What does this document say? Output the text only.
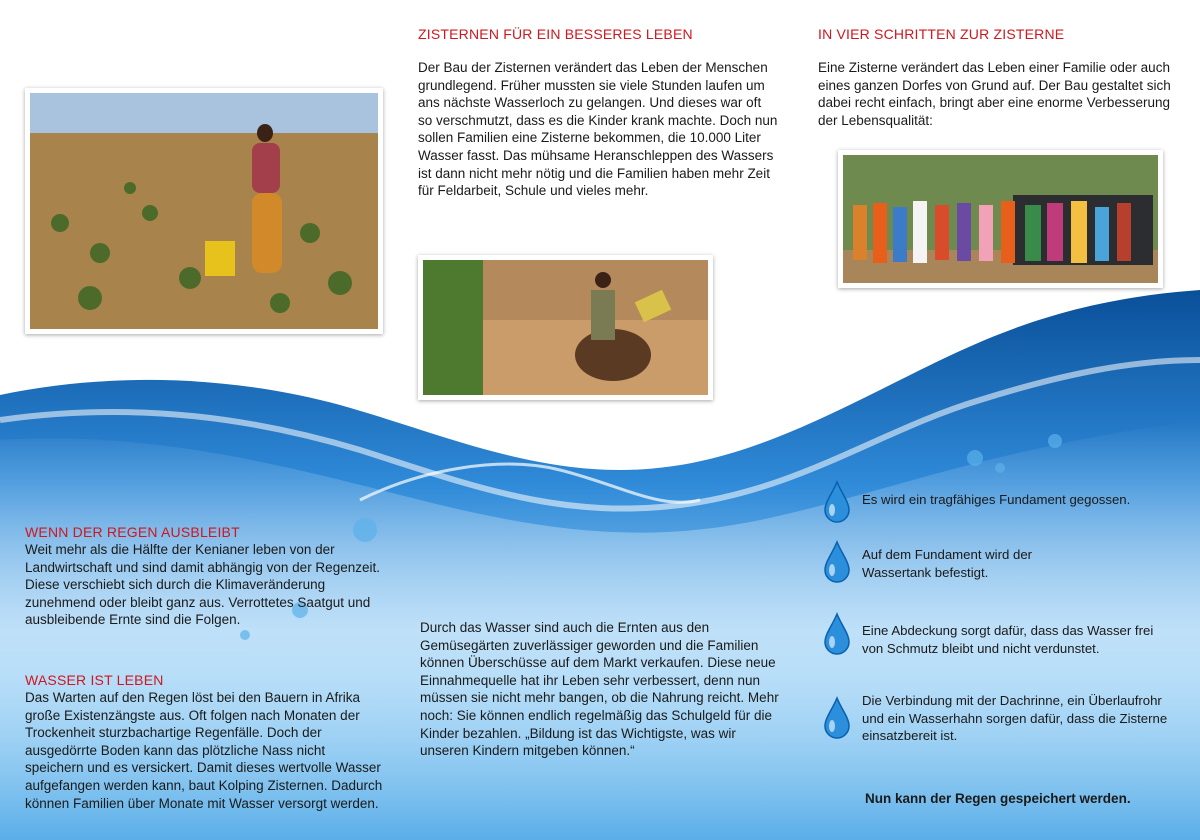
ZISTERNEN FÜR EIN BESSERES LEBEN

Der Bau der Zisternen verändert das Leben der Menschen grundlegend. Früher mussten sie viele Stunden laufen um ans nächste Wasserloch zu gelangen. Und dieses war oft so verschmutzt, dass es die Kinder krank machte. Doch nun sollen Familien eine Zisterne bekommen, die 10.000 Liter Wasser fasst. Das mühsame Heranschleppen des Wassers ist dann nicht mehr nötig und die Familien haben mehr Zeit für Feldarbeit, Schule und vieles mehr.

IN VIER SCHRITTEN ZUR ZISTERNE

Eine Zisterne verändert das Leben einer Familie oder auch eines ganzen Dorfes von Grund auf. Der Bau gestaltet sich dabei recht einfach, bringt aber eine enorme Verbesserung der Lebensqualität:

WENN DER REGEN AUSBLEIBT

Weit mehr als die Hälfte der Kenianer leben von der Landwirtschaft und sind damit abhängig von der Regenzeit. Diese verschiebt sich durch die Klimaveränderung zunehmend oder bleibt ganz aus. Verrottetes Saatgut und ausbleibende Ernte sind die Folgen.

WASSER IST LEBEN

Das Warten auf den Regen löst bei den Bauern in Afrika große Existenzängste aus. Oft folgen nach Monaten der Trockenheit sturzbachartige Regenfälle. Doch der ausgedörrte Boden kann das plötzliche Nass nicht speichern und es versickert. Damit dieses wertvolle Wasser aufgefangen werden kann, baut Kolping Zisternen. Dadurch können Familien über Monate mit Wasser versorgt werden.

Durch das Wasser sind auch die Ernten aus den Gemüsegärten zuverlässiger geworden und die Familien können Überschüsse auf dem Markt verkaufen. Diese neue Einnahmequelle hat ihr Leben sehr verbessert, denn nun müssen sie nicht mehr bangen, ob die Nahrung reicht. Mehr noch: Sie können endlich regelmäßig das Schulgeld für die Kinder bezahlen. „Bildung ist das Wichtigste, was wir unseren Kindern mitgeben können.“

Es wird ein tragfähiges Fundament gegossen.

Auf dem Fundament wird der Wassertank befestigt.

Eine Abdeckung sorgt dafür, dass das Wasser frei von Schmutz bleibt und nicht verdunstet.

Die Verbindung mit der Dachrinne, ein Überlaufrohr und ein Wasserhahn sorgen dafür, dass die Zisterne einsatzbereit ist.

Nun kann der Regen gespeichert werden.
